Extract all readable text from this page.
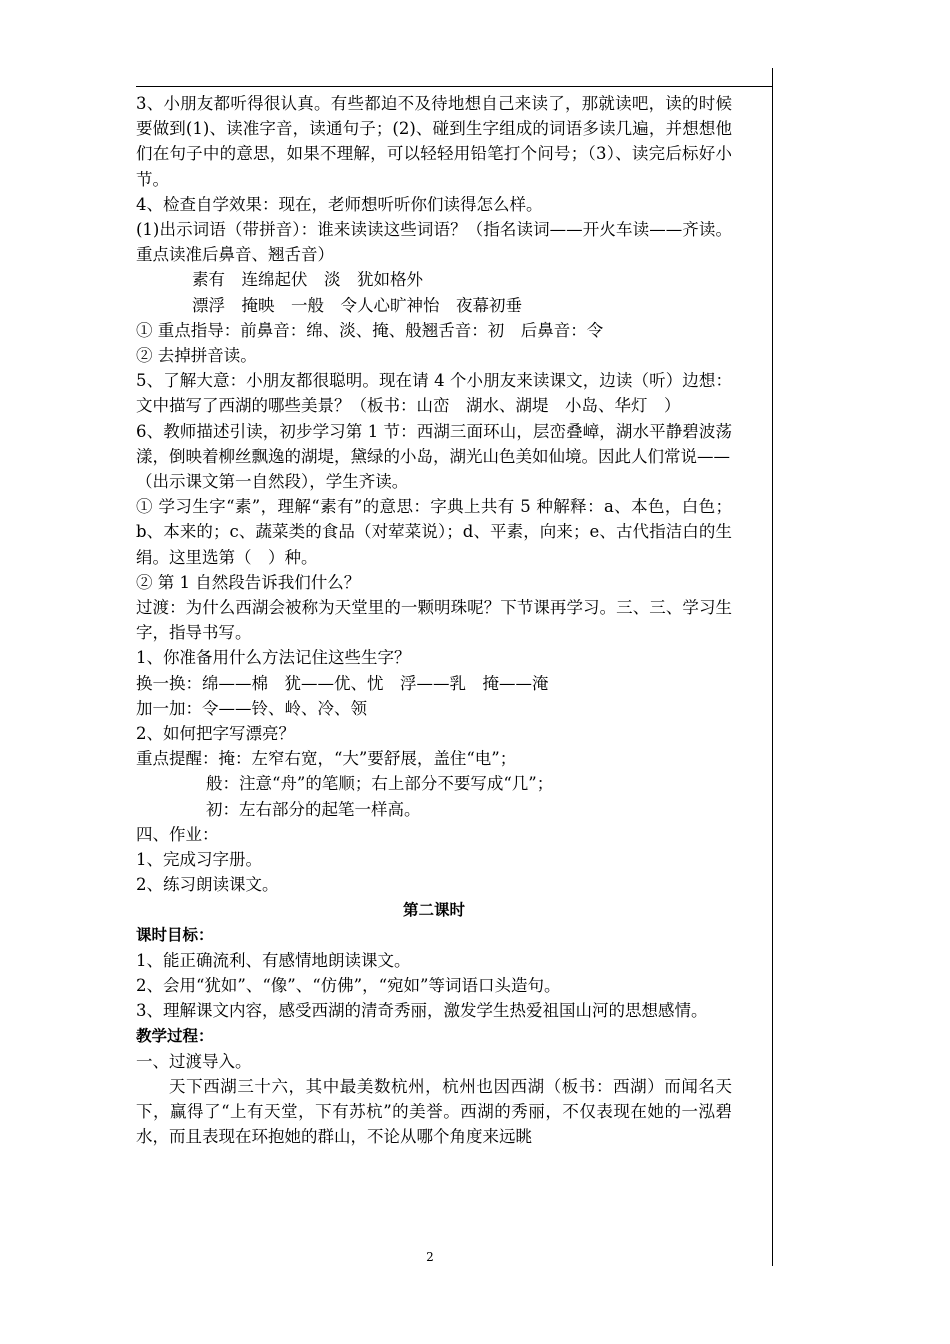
3、小朋友都听得很认真。有些都迫不及待地想自己来读了，那就读吧，读的时候要做到(1)、读准字音，读通句子；(2)、碰到生字组成的词语多读几遍，并想想他们在句子中的意思，如果不理解，可以轻轻用铅笔打个问号；（3）、读完后标好小节。

4、检查自学效果：现在，老师想听听你们读得怎么样。

(1)出示词语（带拼音）：谁来读读这些词语？（指名读词——开火车读——齐读。重点读准后鼻音、翘舌音）

素有　连绵起伏　淡　犹如格外

漂浮　掩映　一般　令人心旷神怡　夜幕初垂

① 重点指导：前鼻音：绵、淡、掩、般翘舌音：初　后鼻音：令

② 去掉拼音读。

5、了解大意：小朋友都很聪明。现在请 4 个小朋友来读课文，边读（听）边想：文中描写了西湖的哪些美景？（板书：山峦　湖水、湖堤　小岛、华灯　）

6、教师描述引读，初步学习第 1 节：西湖三面环山，层峦叠嶂，湖水平静碧波荡漾，倒映着柳丝飘逸的湖堤，黛绿的小岛，湖光山色美如仙境。因此人们常说——

（出示课文第一自然段），学生齐读。

① 学习生字“素”，理解“素有”的意思：字典上共有 5 种解释：a、本色，白色；b、本来的；c、蔬菜类的食品（对荤菜说）；d、平素，向来；e、古代指洁白的生绢。这里选第（　）种。

② 第 1 自然段告诉我们什么？

过渡：为什么西湖会被称为天堂里的一颗明珠呢？下节课再学习。三、三、学习生字，指导书写。

1、你准备用什么方法记住这些生字？

换一换：绵——棉　犹——优、忧　浮——乳　掩——淹

加一加：令——铃、岭、冷、领

2、如何把字写漂亮？

重点提醒：掩：左窄右宽，“大”要舒展，盖住“电”；

般：注意“舟”的笔顺；右上部分不要写成“几”；

初：左右部分的起笔一样高。

四、作业：

1、完成习字册。

2、练习朗读课文。

第二课时

课时目标：

1、能正确流利、有感情地朗读课文。

2、会用“犹如”、“像”、“仿佛”，“宛如”等词语口头造句。

3、理解课文内容，感受西湖的清奇秀丽，激发学生热爱祖国山河的思想感情。

教学过程：

一、过渡导入。

天下西湖三十六，其中最美数杭州，杭州也因西湖（板书：西湖）而闻名天下，赢得了“上有天堂，下有苏杭”的美誉。西湖的秀丽，不仅表现在她的一泓碧水，而且表现在环抱她的群山，不论从哪个角度来远眺

2
